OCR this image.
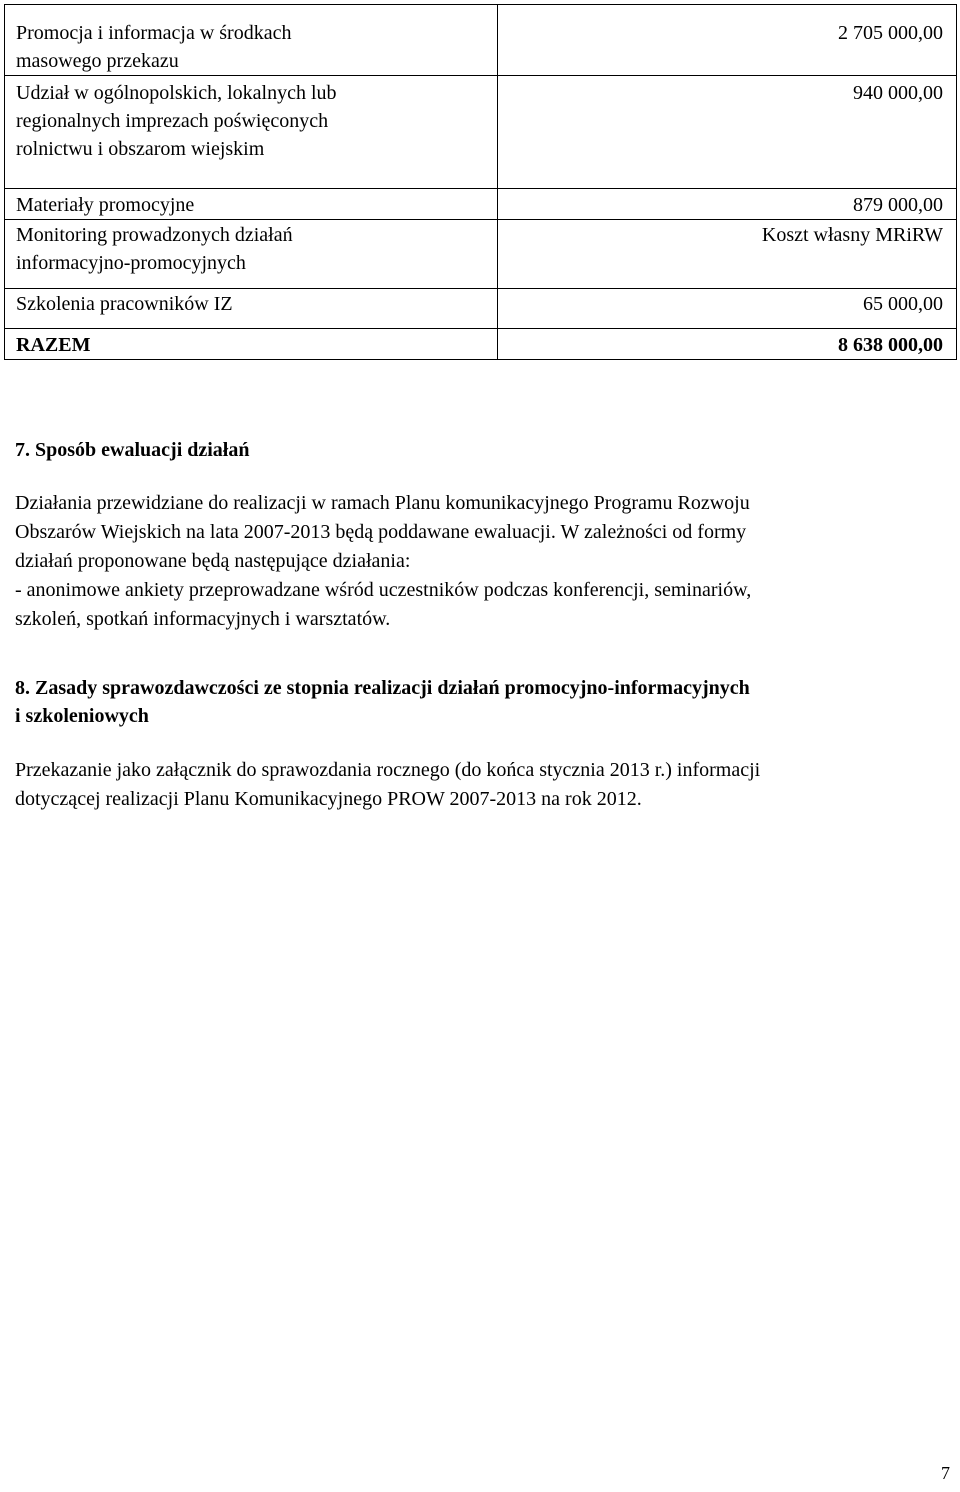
Promocja i informacja w środkach
masowego przekazu	2 705 000,00

Udział w ogólnopolskich, lokalnych lub
regionalnych imprezach poświęconych
rolnictwu i obszarom wiejskim	940 000,00

Materiały promocyjne	879 000,00

Monitoring prowadzonych działań
informacyjno-promocyjnych	Koszt własny MRiRW

Szkolenia pracowników IZ	65 000,00

RAZEM	8 638 000,00
7. Sposób ewaluacji działań

Działania przewidziane do realizacji w ramach Planu komunikacyjnego Programu Rozwoju
Obszarów Wiejskich na lata 2007-2013 będą poddawane ewaluacji. W zależności od formy
działań proponowane będą następujące działania:
- anonimowe ankiety przeprowadzane wśród uczestników podczas konferencji, seminariów,
szkoleń, spotkań informacyjnych i warsztatów.

8. Zasady sprawozdawczości ze stopnia realizacji działań promocyjno-informacyjnych
i szkoleniowych

Przekazanie jako załącznik do sprawozdania rocznego (do końca stycznia 2013 r.) informacji
dotyczącej realizacji Planu Komunikacyjnego PROW 2007-2013 na rok 2012.

7
